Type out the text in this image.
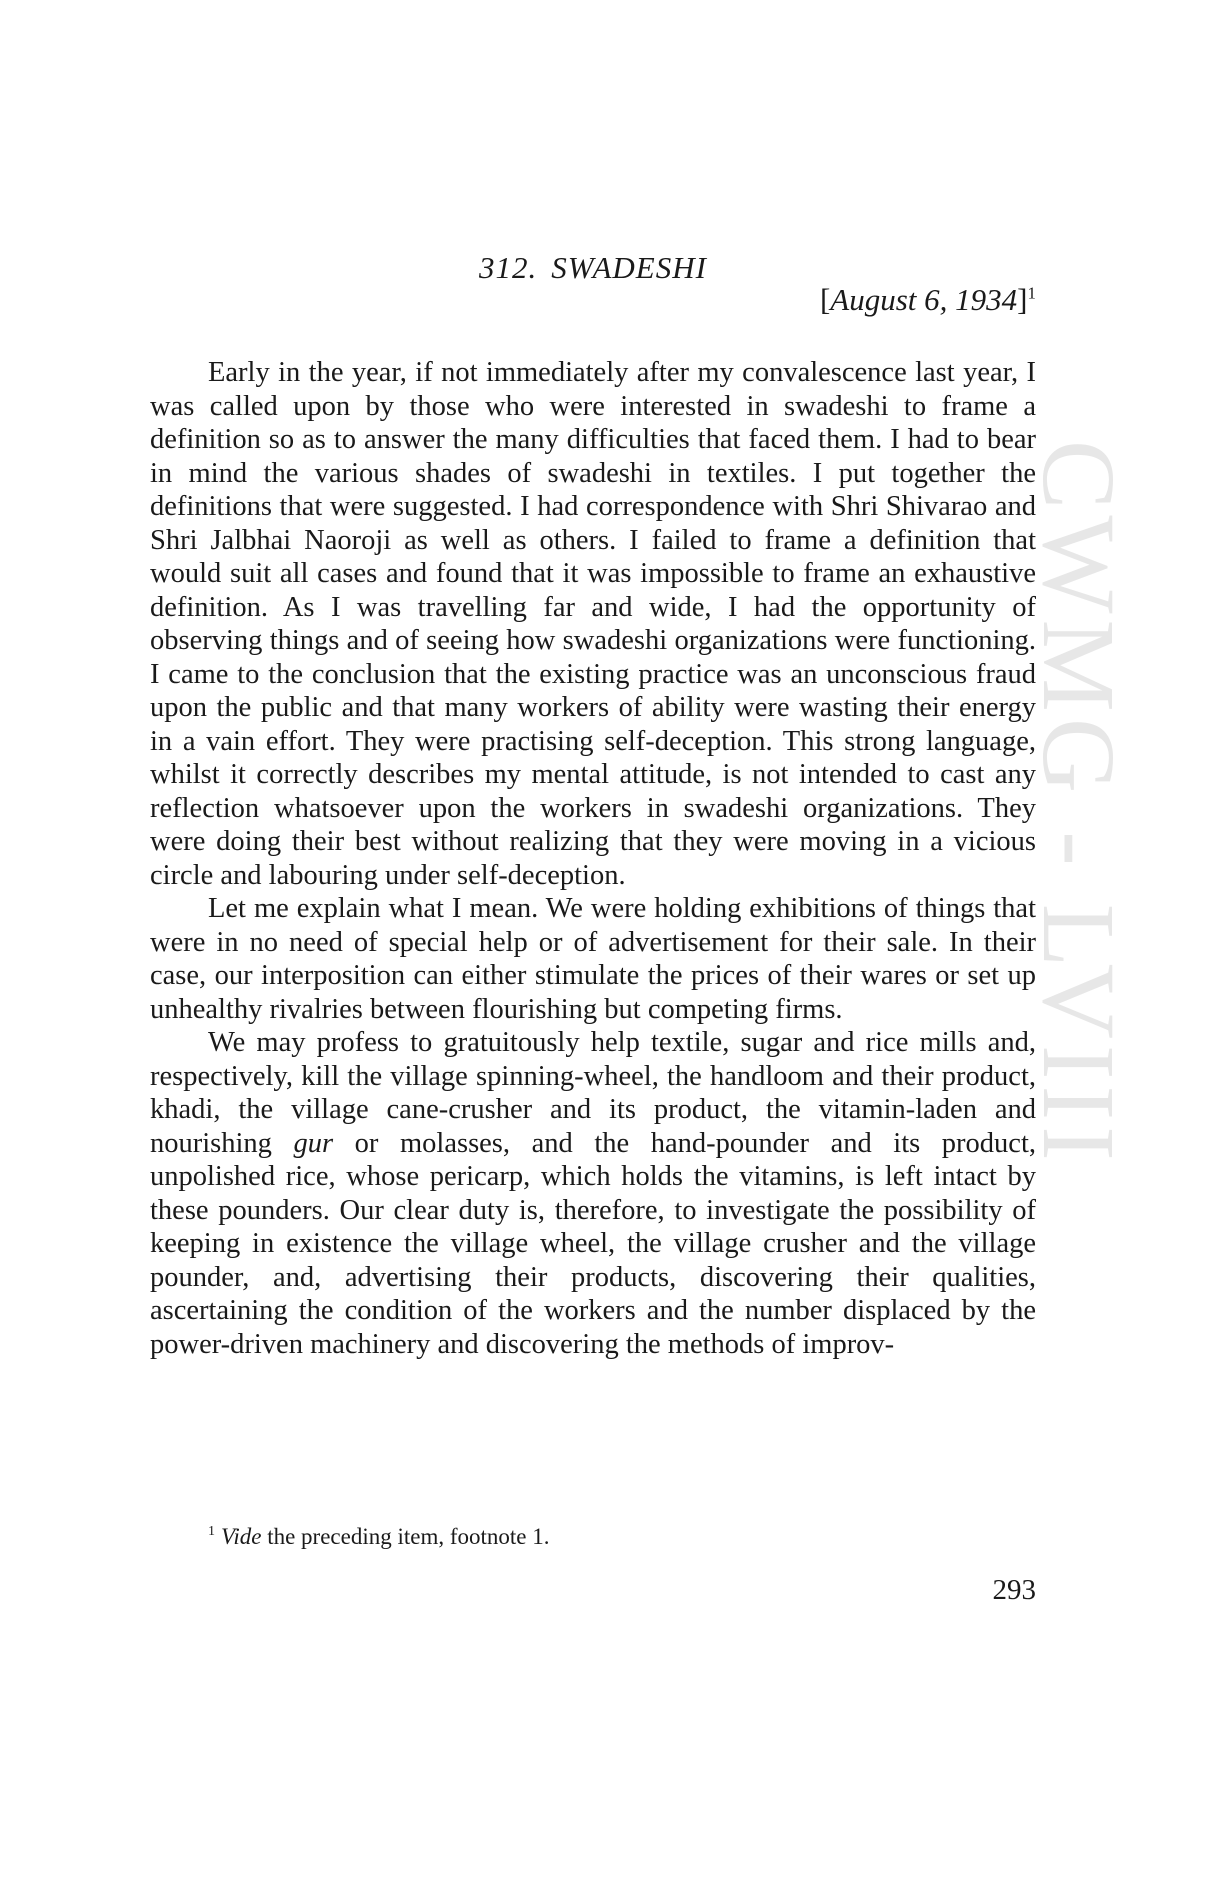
CWMG - LVIII
312. SWADESHI
[August 6, 1934]$^1$

Early in the year, if not immediately after my convalescence last year, I was called upon by those who were interested in swadeshi to frame a definition so as to answer the many difficulties that faced them. I had to bear in mind the various shades of swadeshi in textiles. I put together the definitions that were suggested. I had correspondence with Shri Shivarao and Shri Jalbhai Naoroji as well as others. I failed to frame a definition that would suit all cases and found that it was impossible to frame an exhaustive definition. As I was travelling far and wide, I had the opportunity of observing things and of seeing how swadeshi organizations were functioning. I came to the conclusion that the existing practice was an unconscious fraud upon the public and that many workers of ability were wasting their energy in a vain effort. They were practising self-deception. This strong language, whilst it correctly describes my mental attitude, is not intended to cast any reflection whatsoever upon the workers in swadeshi organizations. They were doing their best without realizing that they were moving in a vicious circle and labouring under self-deception.

Let me explain what I mean. We were holding exhibitions of things that were in no need of special help or of advertisement for their sale. In their case, our interposition can either stimulate the prices of their wares or set up unhealthy rivalries between flourishing but competing firms.

We may profess to gratuitously help textile, sugar and rice mills and, respectively, kill the village spinning-wheel, the handloom and their product, khadi, the village cane-crusher and its product, the vitamin-laden and nourishing gur or molasses, and the hand-pounder and its product, unpolished rice, whose pericarp, which holds the vitamins, is left intact by these pounders. Our clear duty is, therefore, to investigate the possibility of keeping in existence the village wheel, the village crusher and the village pounder, and, advertising their products, discovering their qualities, ascertaining the condition of the workers and the number displaced by the power-driven machinery and discovering the methods of improv-

$^1$ Vide the preceding item, footnote 1.
293
